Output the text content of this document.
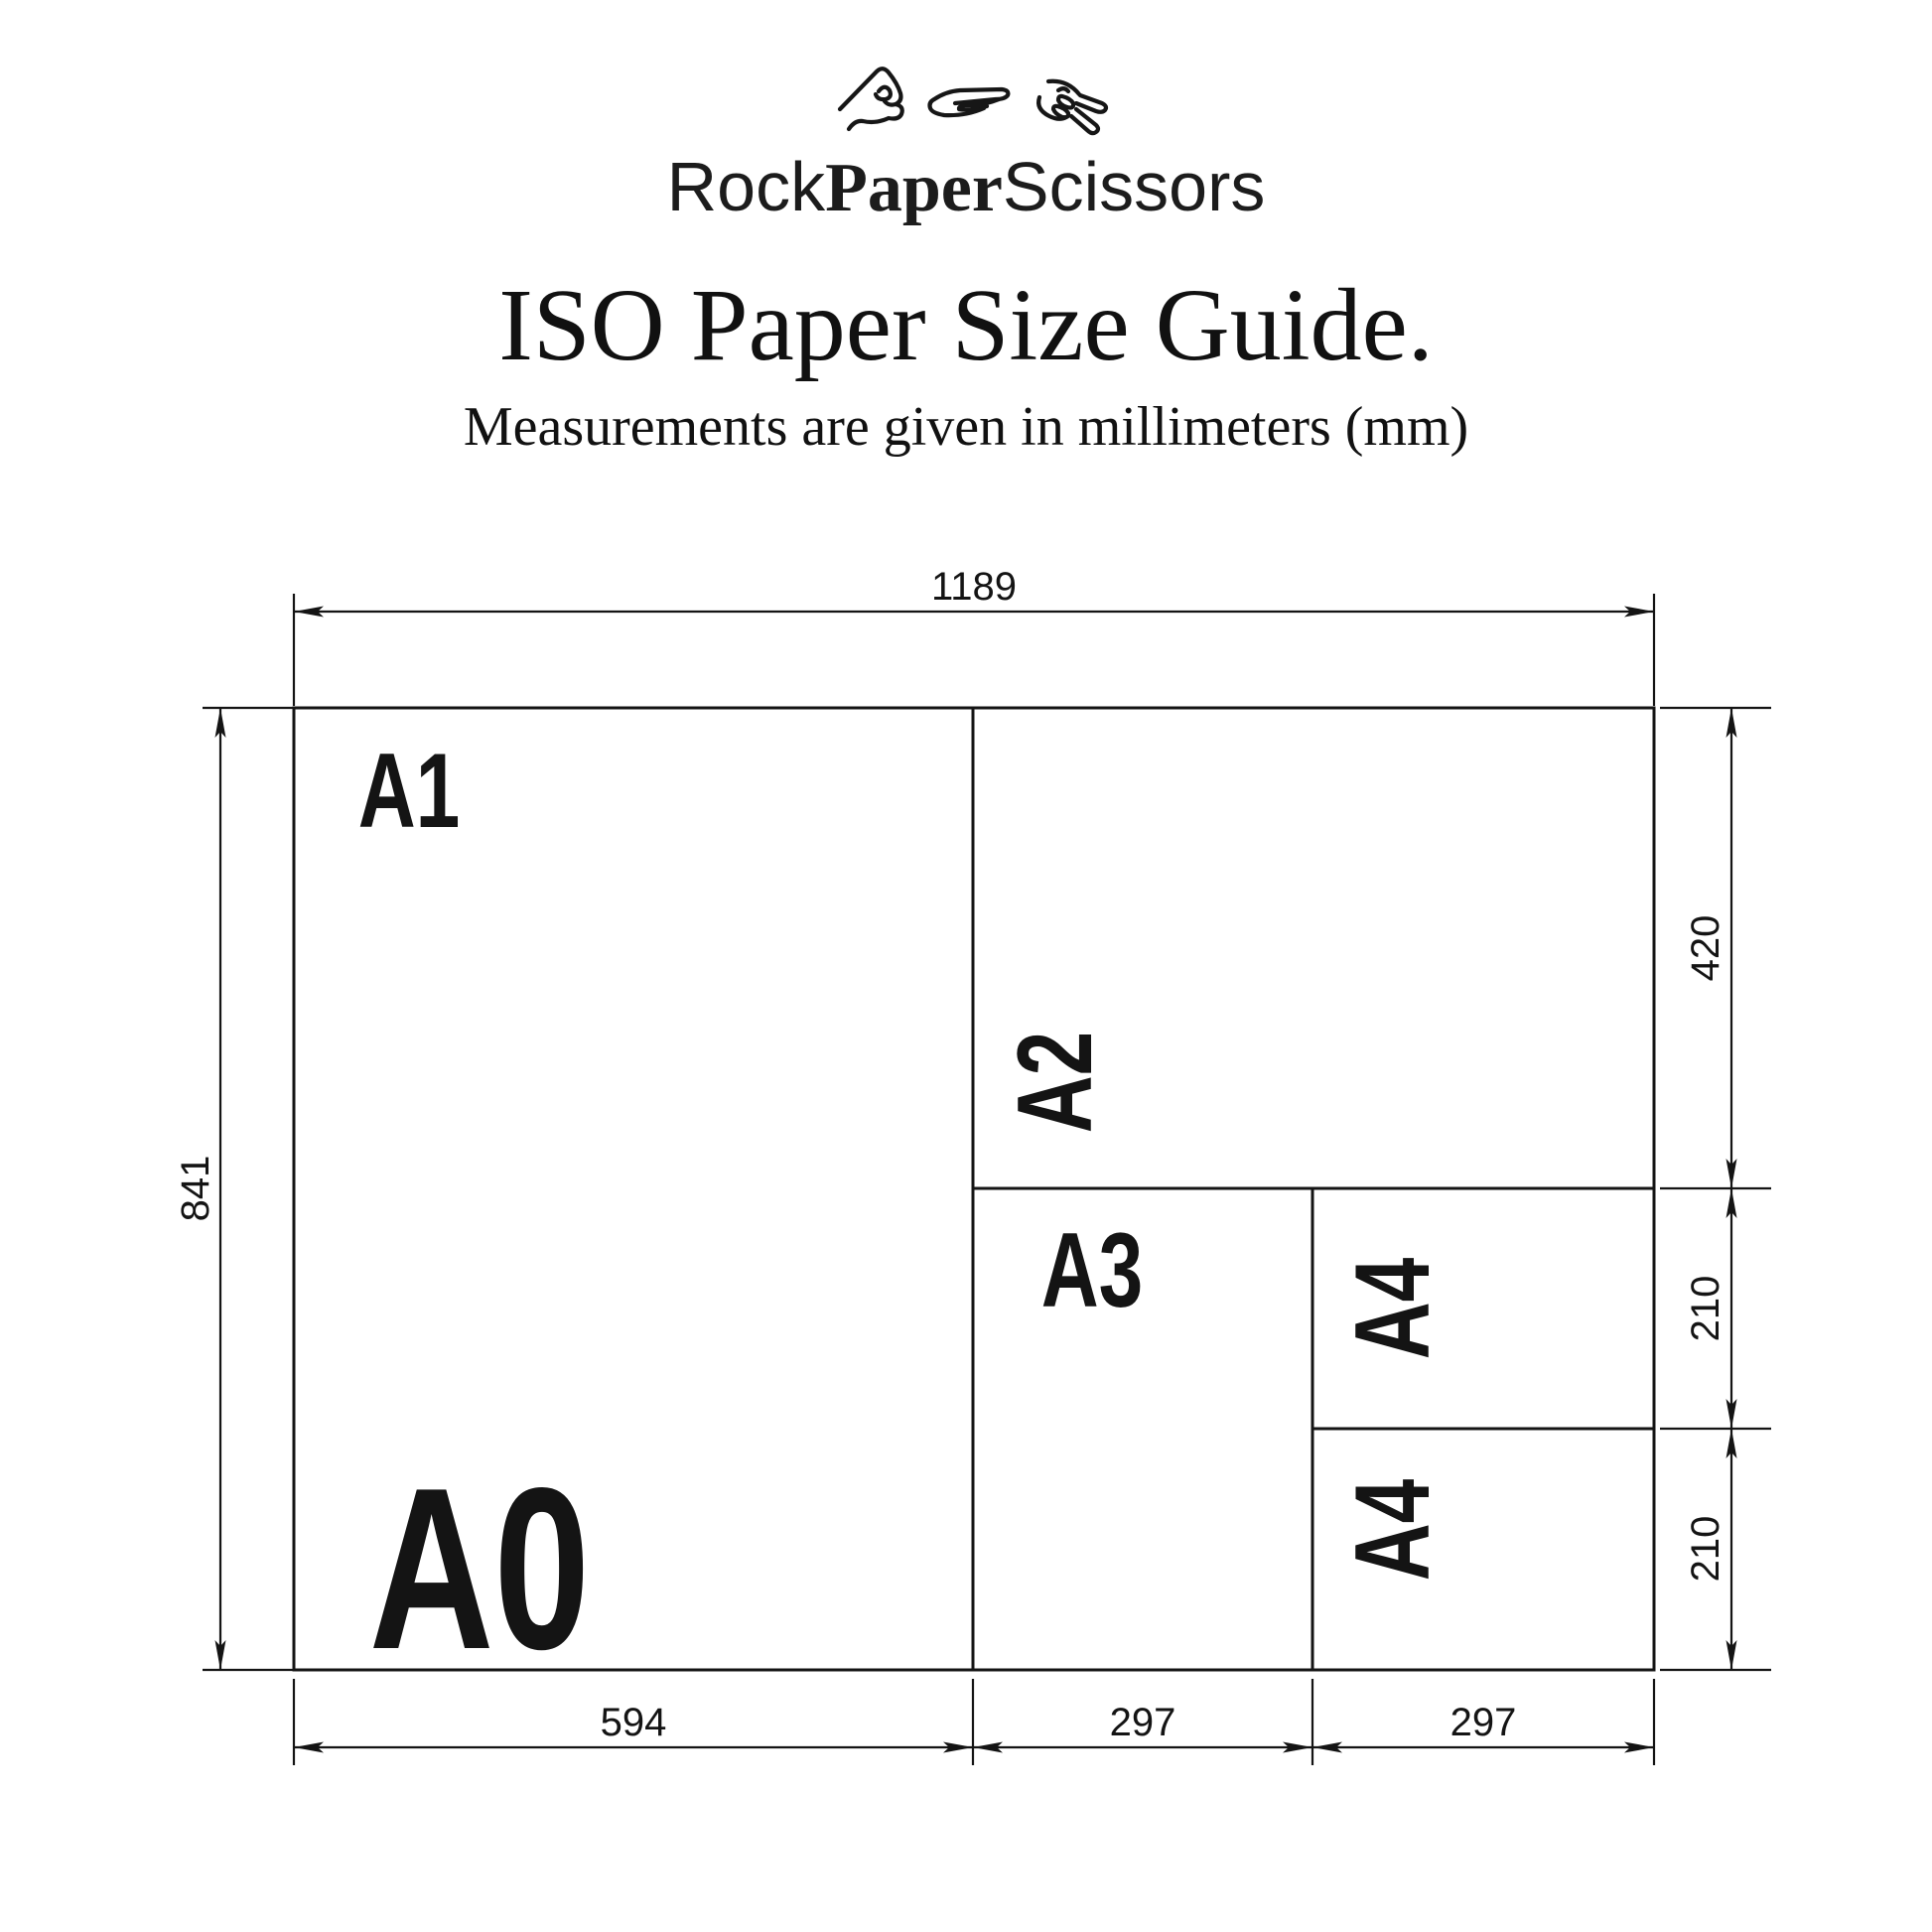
RockPaperScissors
ISO Paper Size Guide.
Measurements are given in millimeters (mm)
A0
A1
A2
A3 A4
A4
1189
841
420
210
210
594	297	297
